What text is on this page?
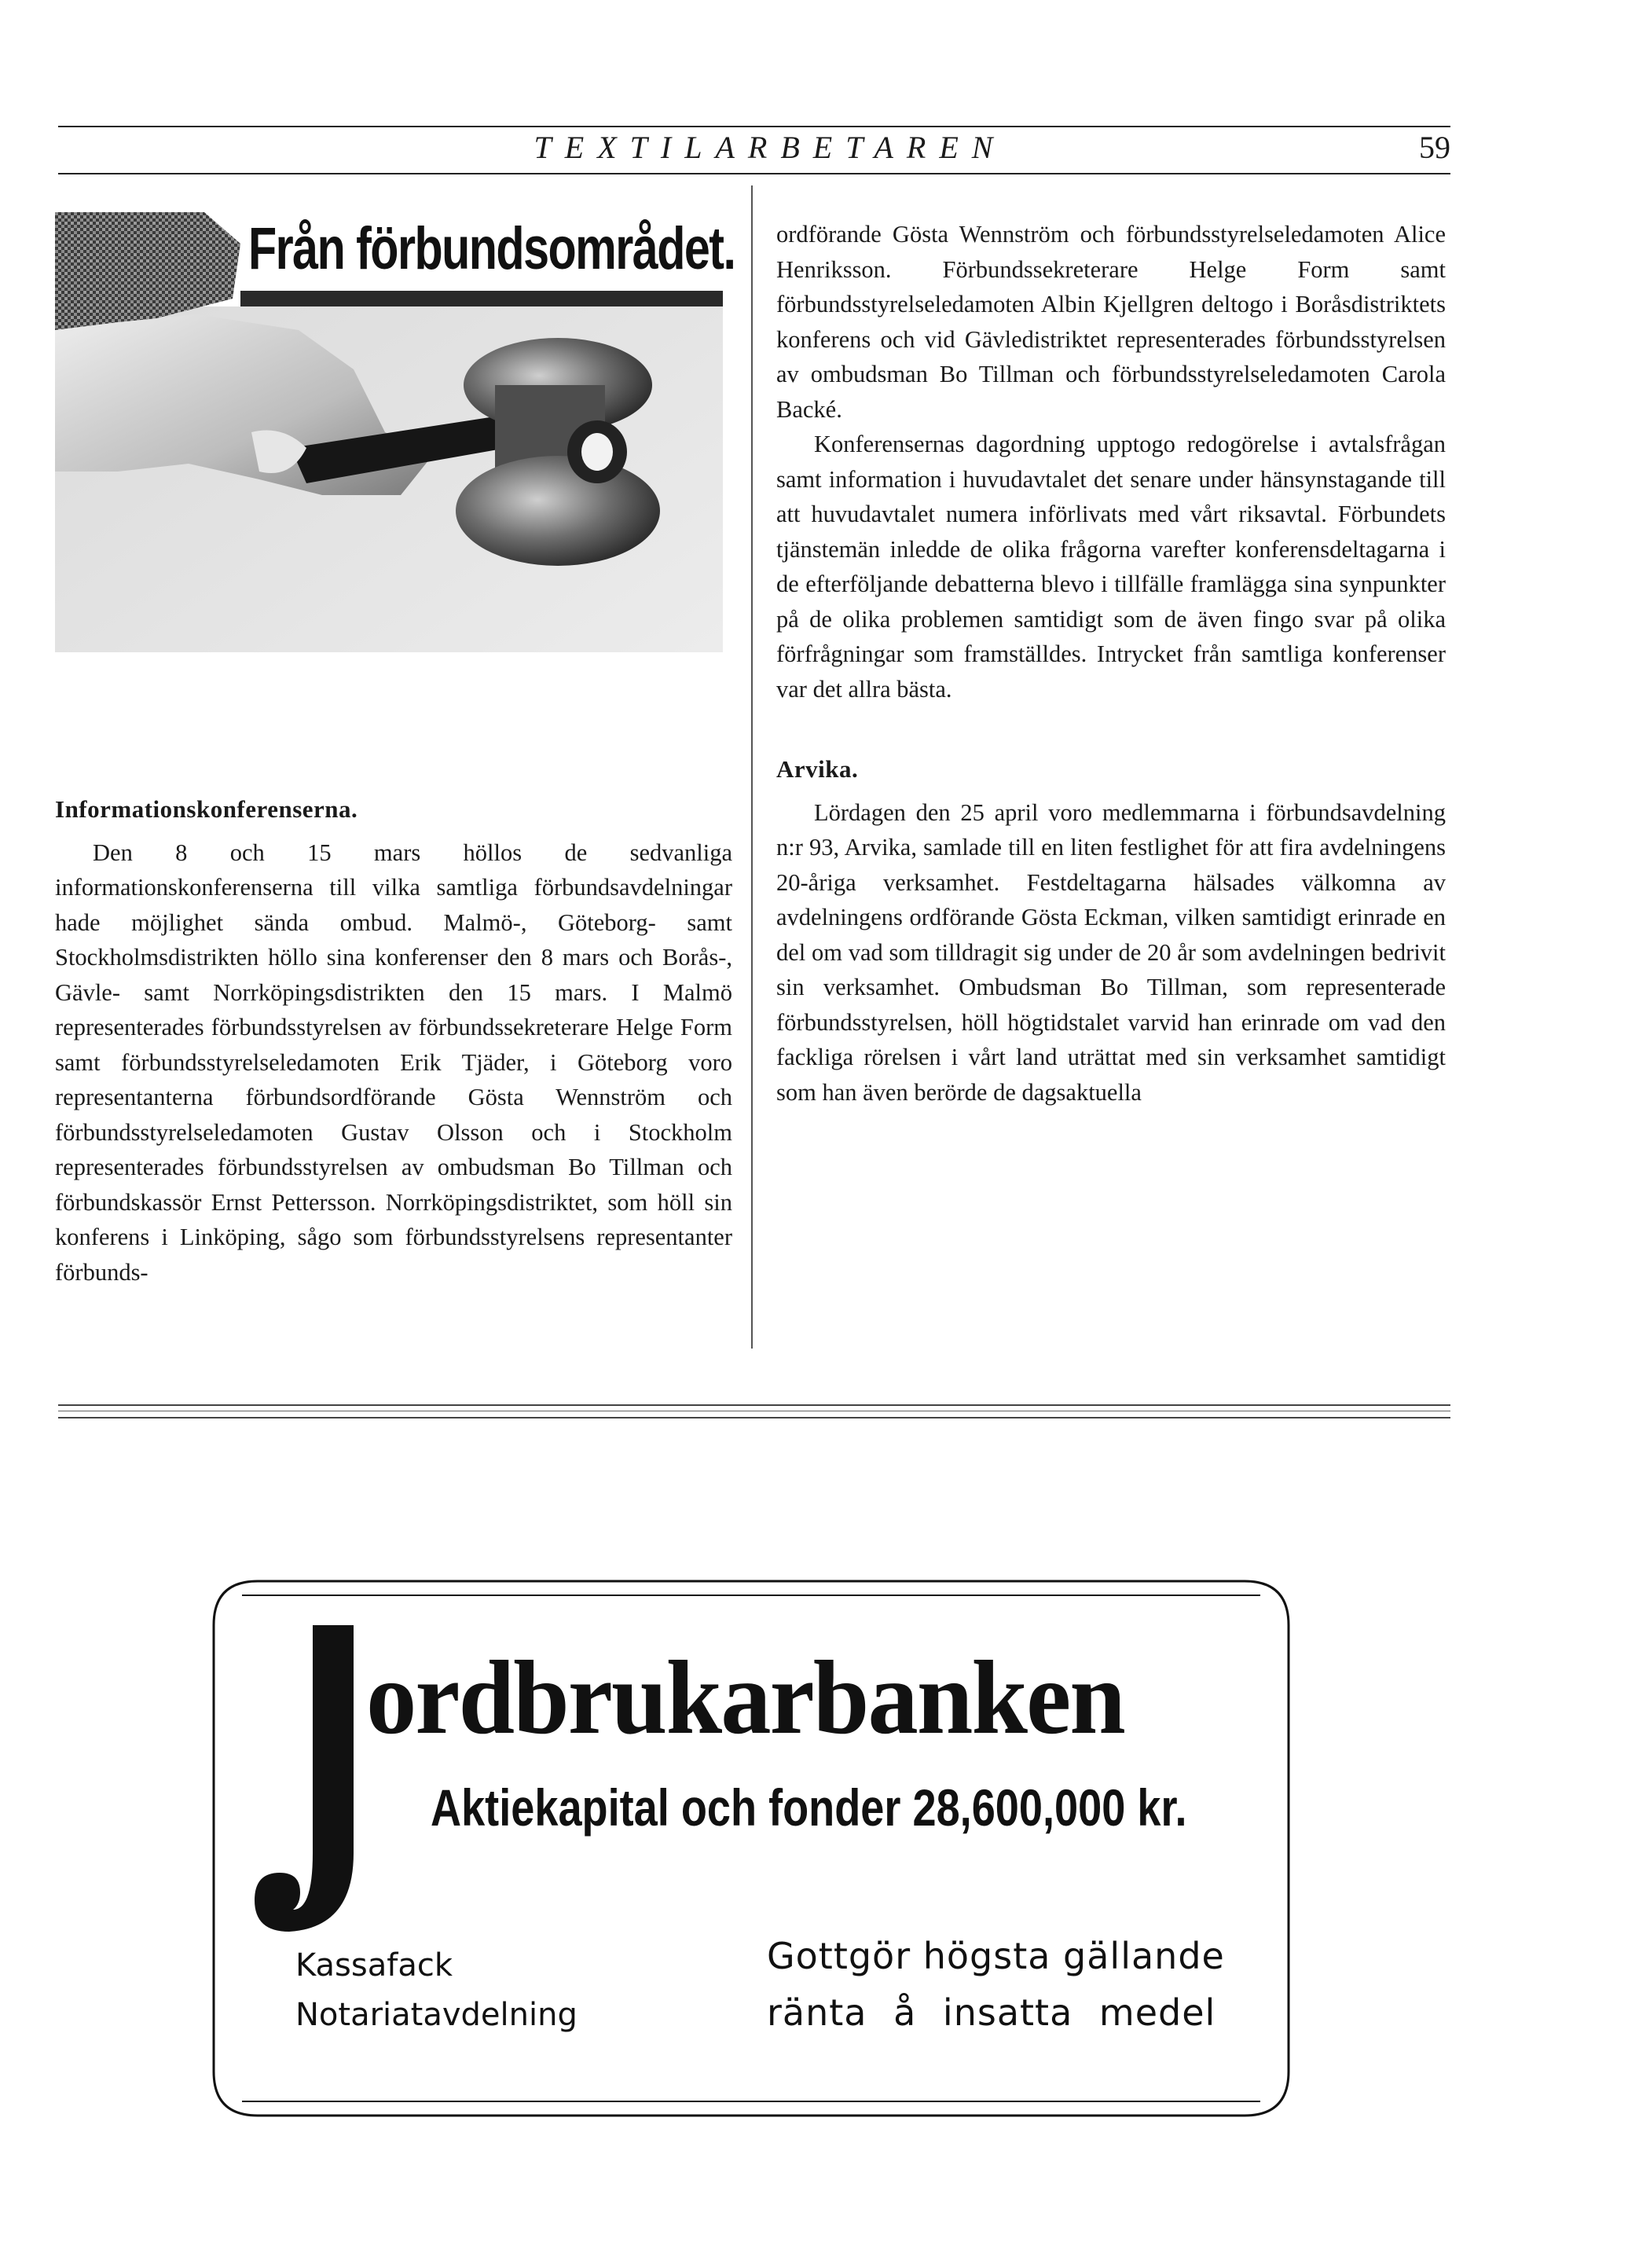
TEXTILARBETAREN	59
Från förbundsområdet.
Informationskonferenserna.

Den 8 och 15 mars höllos de sedvanliga informationskonferenserna till vilka samtliga förbundsavdelningar hade möjlighet sända ombud. Malmö-, Göteborg- samt Stockholmsdistrikten höllo sina konferenser den 8 mars och Borås-, Gävle- samt Norrköpingsdistrikten den 15 mars. I Malmö representerades förbundsstyrelsen av förbundssekreterare Helge Form samt förbundsstyrelseledamoten Erik Tjäder, i Göteborg voro representanterna förbundsordförande Gösta Wennström och förbundsstyrelseledamoten Gustav Olsson och i Stockholm representerades förbundsstyrelsen av ombudsman Bo Tillman och förbundskassör Ernst Pettersson. Norrköpingsdistriktet, som höll sin konferens i Linköping, sågo som förbundsstyrelsens representanter förbunds-

ordförande Gösta Wennström och förbundsstyrelseledamoten Alice Henriksson. Förbundssekreterare Helge Form samt förbundsstyrelseledamoten Albin Kjellgren deltogo i Boråsdistriktets konferens och vid Gävledistriktet representerades förbundsstyrelsen av ombudsman Bo Tillman och förbundsstyrelseledamoten Carola Backé.

Konferensernas dagordning upptogo redogörelse i avtalsfrågan samt information i huvudavtalet det senare under hänsynstagande till att huvudavtalet numera införlivats med vårt riksavtal. Förbundets tjänstemän inledde de olika frågorna varefter konferensdeltagarna i de efterföljande debatterna blevo i tillfälle framlägga sina synpunkter på de olika problemen samtidigt som de även fingo svar på olika förfrågningar som framställdes. Intrycket från samtliga konferenser var det allra bästa.

Arvika.

Lördagen den 25 april voro medlemmarna i förbundsavdelning n:r 93, Arvika, samlade till en liten festlighet för att fira avdelningens 20-åriga verksamhet. Festdeltagarna hälsades välkomna av avdelningens ordförande Gösta Eckman, vilken samtidigt erinrade en del om vad som tilldragit sig under de 20 år som avdelningen bedrivit sin verksamhet. Ombudsman Bo Tillman, som representerade förbundsstyrelsen, höll högtidstalet varvid han erinrade om vad den fackliga rörelsen i vårt land uträttat med sin verksamhet samtidigt som han även berörde de dagsaktuella

J
ordbrukarbanken
Aktiekapital och fonder 28,600,000 kr.
Kassafack
Notariatavdelning
Gottgör högsta gällande
ränta å insatta medel
